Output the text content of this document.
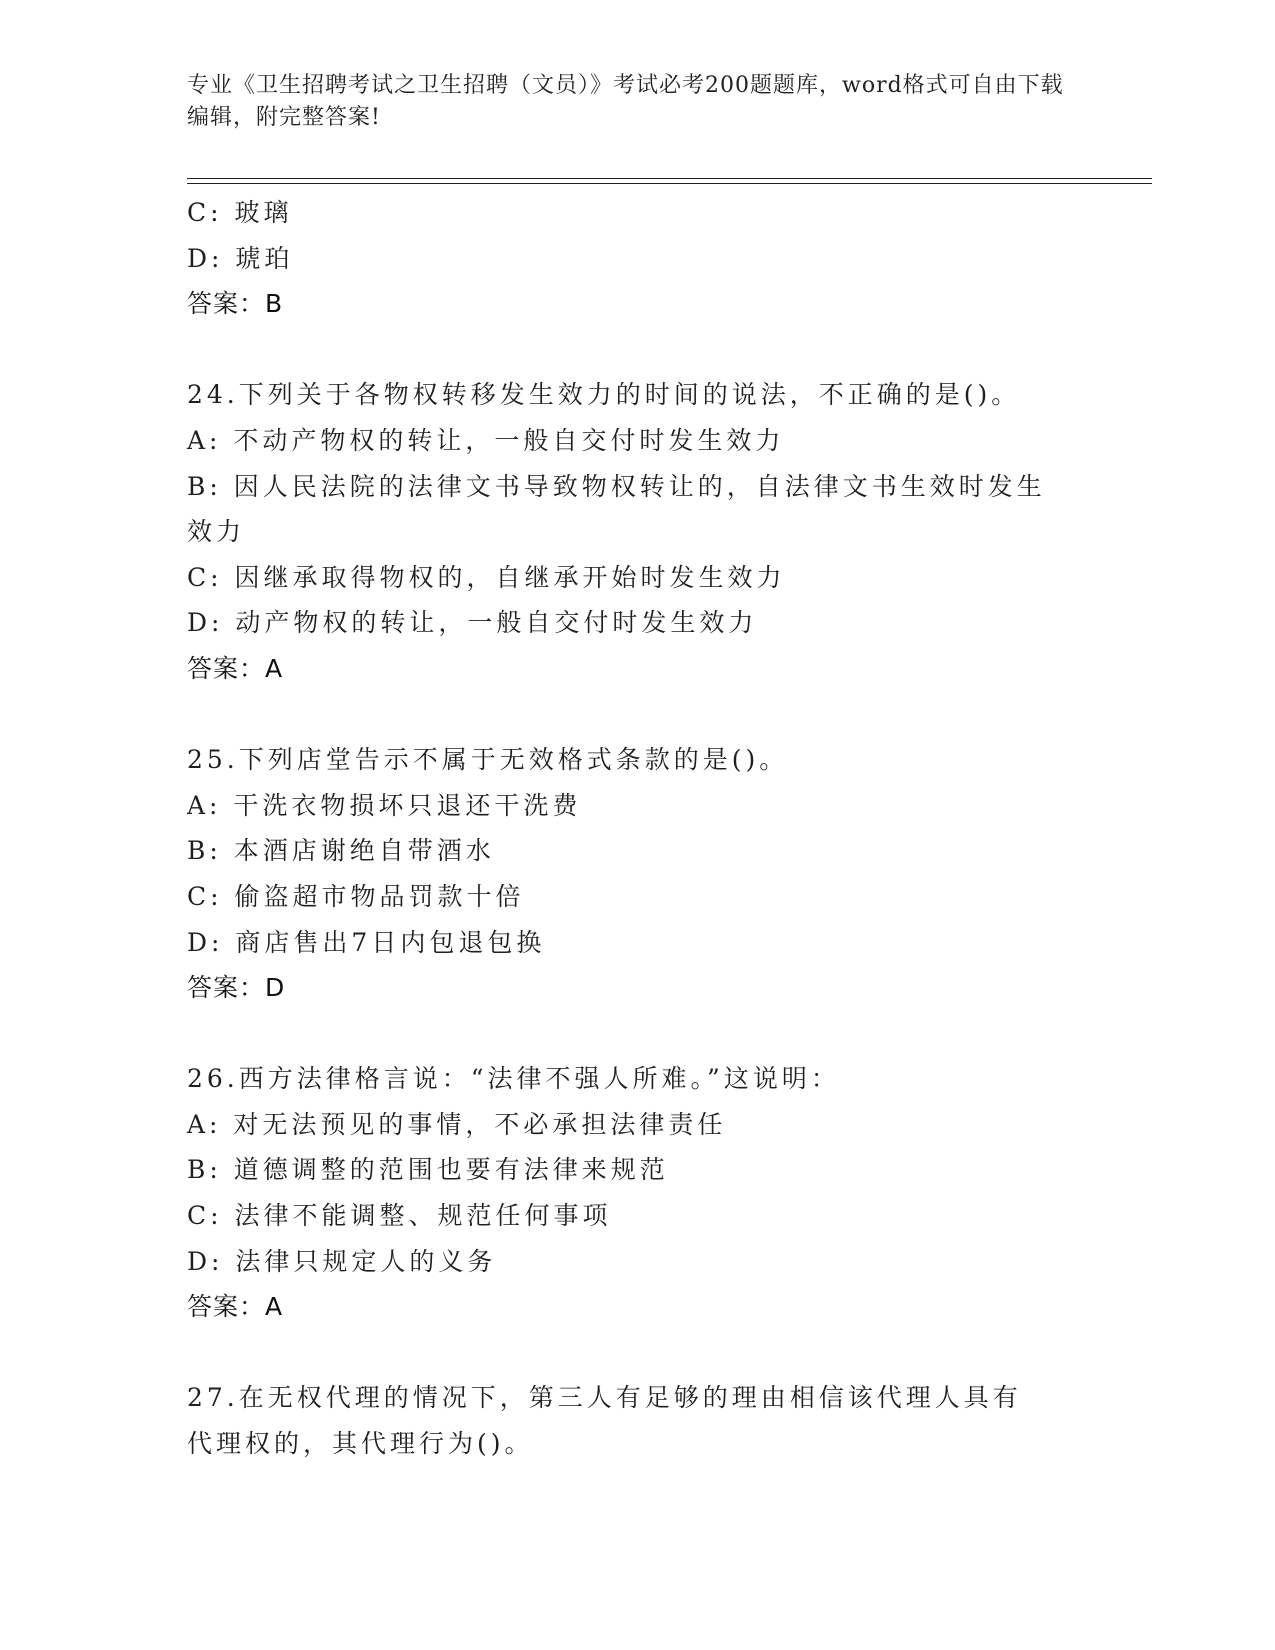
专业《卫生招聘考试之卫生招聘（文员）》考试必考200题题库，word格式可自由下载编辑，附完整答案!
C: 玻璃
D: 琥珀
答案：B
24.下列关于各物权转移发生效力的时间的说法，不正确的是()。
A: 不动产物权的转让，一般自交付时发生效力
B: 因人民法院的法律文书导致物权转让的，自法律文书生效时发生效力
C: 因继承取得物权的，自继承开始时发生效力
D: 动产物权的转让，一般自交付时发生效力
答案：A
25.下列店堂告示不属于无效格式条款的是()。
A: 干洗衣物损坏只退还干洗费
B: 本酒店谢绝自带酒水
C: 偷盗超市物品罚款十倍
D: 商店售出7日内包退包换
答案：D
26.西方法律格言说：“法律不强人所难。”这说明：
A: 对无法预见的事情，不必承担法律责任
B: 道德调整的范围也要有法律来规范
C: 法律不能调整、规范任何事项
D: 法律只规定人的义务
答案：A
27.在无权代理的情况下，第三人有足够的理由相信该代理人具有代理权的，其代理行为()。
